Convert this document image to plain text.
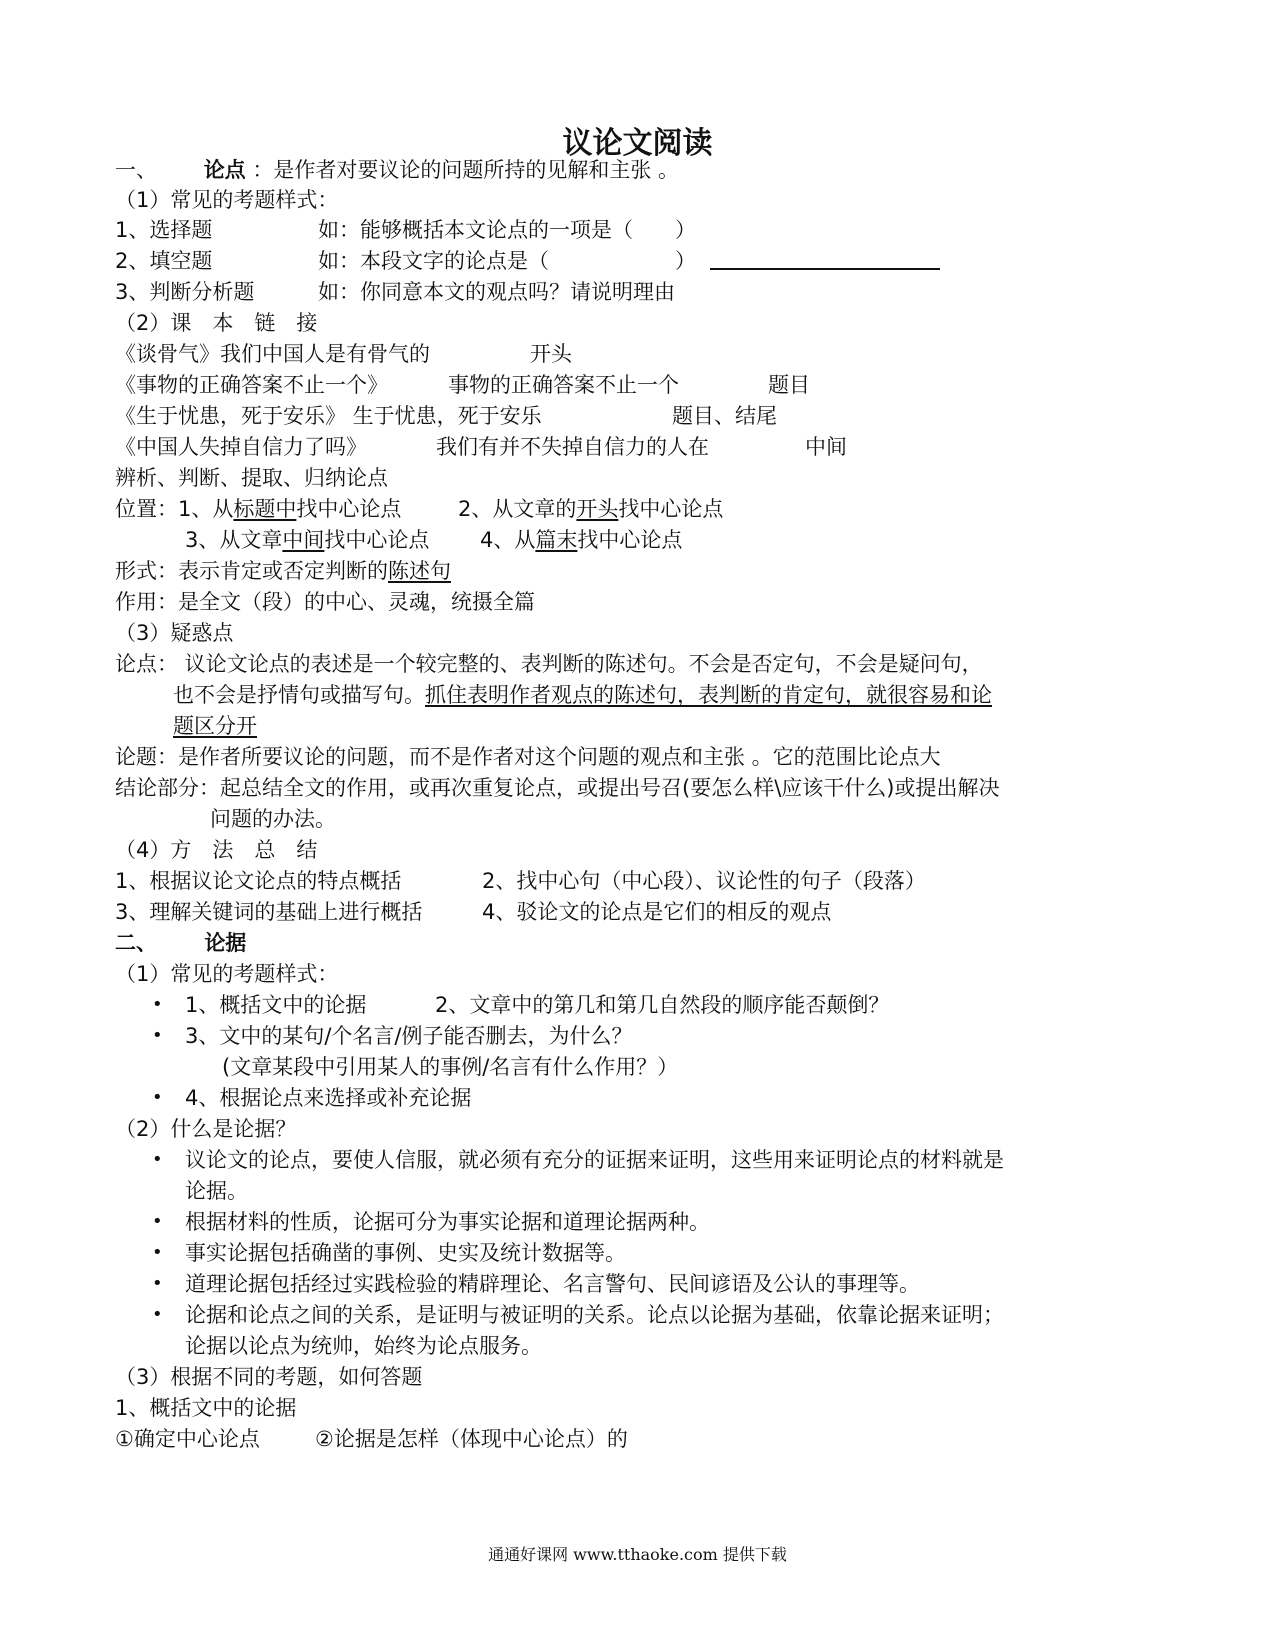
议论文阅读
一、 论点 ：是作者对要议论的问题所持的见解和主张 。
（1）常见的考题样式：
1、选择题	如：能够概括本文论点的一项是（　　）
2、填空题	如：本段文字的论点是（　　　　　　）
3、判断分析题	如：你同意本文的观点吗？请说明理由
（2）课　本　链　接
《谈骨气》我们中国人是有骨气的	开头
《事物的正确答案不止一个》	事物的正确答案不止一个	题目
《生于忧患，死于安乐》 生于忧患，死于安乐	题目、结尾
《中国人失掉自信力了吗》	我们有并不失掉自信力的人在	中间
辨析、判断、提取、归纳论点
位置：1、从标题中找中心论点	2、从文章的开头找中心论点
3、从文章中间找中心论点 4、从篇末找中心论点
形式：表示肯定或否定判断的陈述句
作用：是全文（段）的中心、灵魂，统摄全篇
（3）疑惑点
论点： 议论文论点的表述是一个较完整的、表判断的陈述句。不会是否定句，不会是疑问句，
也不会是抒情句或描写句。抓住表明作者观点的陈述句，表判断的肯定句，就很容易和论
题区分开
论题：是作者所要议论的问题，而不是作者对这个问题的观点和主张 。它的范围比论点大
结论部分：起总结全文的作用，或再次重复论点，或提出号召(要怎么样\应该干什么)或提出解决
问题的办法。
（4）方　法　总　结
1、根据议论文论点的特点概括	2、找中心句（中心段）、议论性的句子（段落）
3、理解关键词的基础上进行概括	4、驳论文的论点是它们的相反的观点
二、 论据
（1）常见的考题样式：
• 1、概括文中的论据	2、文章中的第几和第几自然段的顺序能否颠倒？
• 3、文中的某句/个名言/例子能否删去，为什么？
(文章某段中引用某人的事例/名言有什么作用？）
• 4、根据论点来选择或补充论据
（2）什么是论据？
• 议论文的论点，要使人信服，就必须有充分的证据来证明，这些用来证明论点的材料就是
论据。
• 根据材料的性质，论据可分为事实论据和道理论据两种。
• 事实论据包括确凿的事例、史实及统计数据等。
• 道理论据包括经过实践检验的精辟理论、名言警句、民间谚语及公认的事理等。
• 论据和论点之间的关系，是证明与被证明的关系。论点以论据为基础，依靠论据来证明；
论据以论点为统帅，始终为论点服务。
（3）根据不同的考题，如何答题
1、概括文中的论据
①确定中心论点	②论据是怎样（体现中心论点）的
通通好课网 www.tthaoke.com 提供下载
